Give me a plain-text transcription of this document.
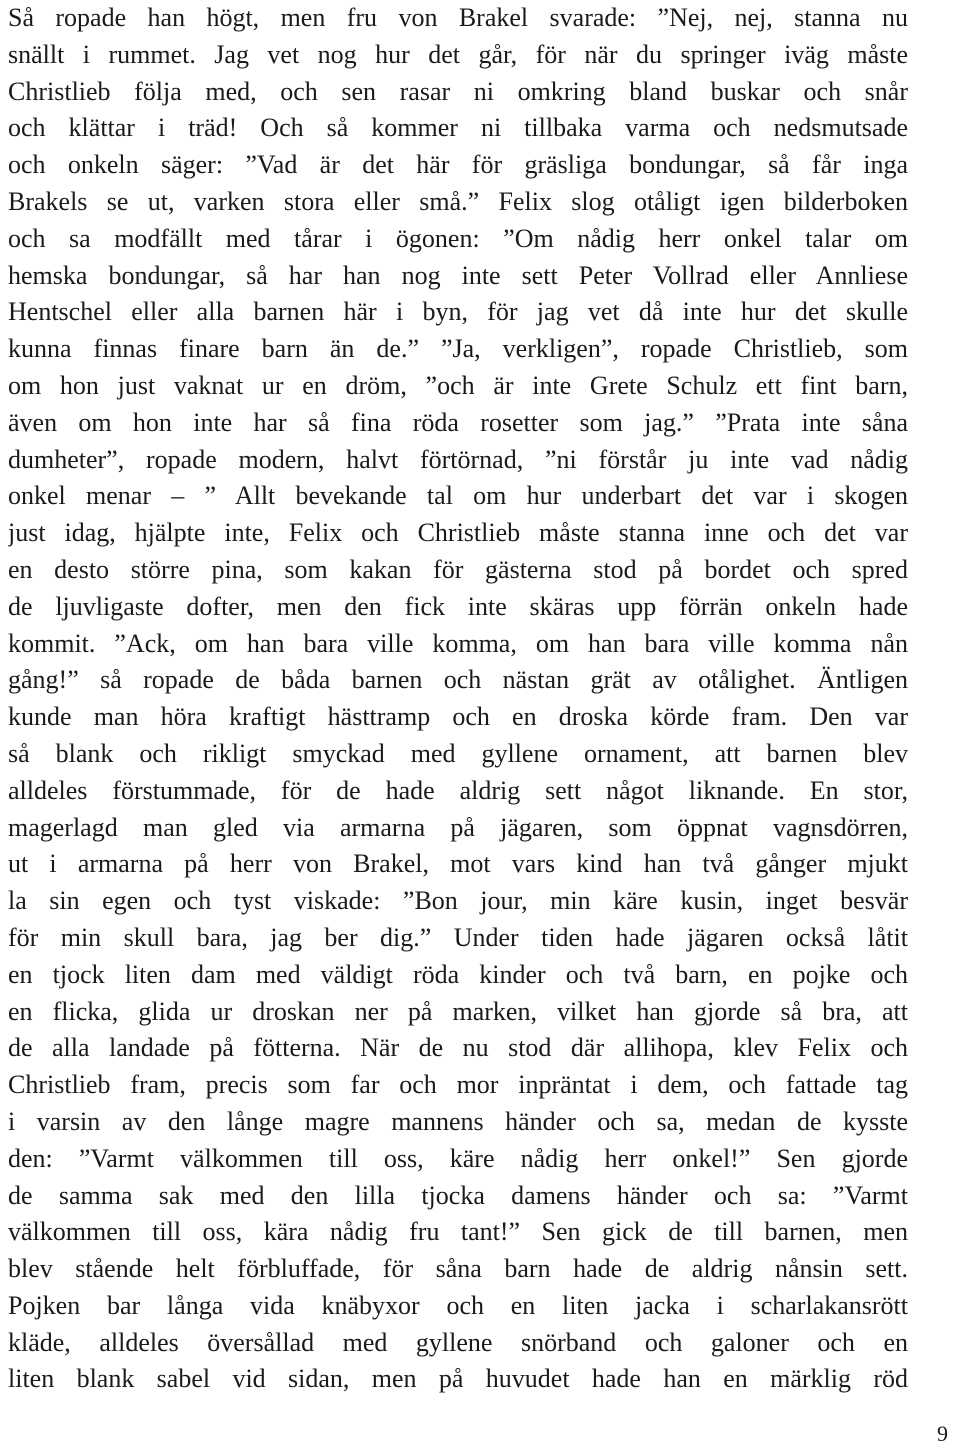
Så ropade han högt, men fru von Brakel svarade: ”Nej, nej, stanna nu
snällt i rummet. Jag vet nog hur det går, för när du springer iväg måste
Christlieb följa med, och sen rasar ni omkring bland buskar och snår
och klättar i träd! Och så kommer ni tillbaka varma och nedsmutsade
och onkeln säger: ”Vad är det här för gräsliga bondungar, så får inga
Brakels se ut, varken stora eller små.” Felix slog otåligt igen bilderboken
och sa modfällt med tårar i ögonen: ”Om nådig herr onkel talar om
hemska bondungar, så har han nog inte sett Peter Vollrad eller Annliese
Hentschel eller alla barnen här i byn, för jag vet då inte hur det skulle
kunna finnas finare barn än de.” ”Ja, verkligen”, ropade Christlieb, som
om hon just vaknat ur en dröm, ”och är inte Grete Schulz ett fint barn,
även om hon inte har så fina röda rosetter som jag.” ”Prata inte såna
dumheter”, ropade modern, halvt förtörnad, ”ni förstår ju inte vad nådig
onkel menar – ” Allt bevekande tal om hur underbart det var i skogen
just idag, hjälpte inte, Felix och Christlieb måste stanna inne och det var
en desto större pina, som kakan för gästerna stod på bordet och spred
de ljuvligaste dofter, men den fick inte skäras upp förrän onkeln hade
kommit. ”Ack, om han bara ville komma, om han bara ville komma nån
gång!” så ropade de båda barnen och nästan grät av otålighet. Äntligen
kunde man höra kraftigt hästtramp och en droska körde fram. Den var
så blank och rikligt smyckad med gyllene ornament, att barnen blev
alldeles förstummade, för de hade aldrig sett något liknande. En stor,
magerlagd man gled via armarna på jägaren, som öppnat vagnsdörren,
ut i armarna på herr von Brakel, mot vars kind han två gånger mjukt
la sin egen och tyst viskade: ”Bon jour, min käre kusin, inget besvär
för min skull bara, jag ber dig.” Under tiden hade jägaren också låtit
en tjock liten dam med väldigt röda kinder och två barn, en pojke och
en flicka, glida ur droskan ner på marken, vilket han gjorde så bra, att
de alla landade på fötterna. När de nu stod där allihopa, klev Felix och
Christlieb fram, precis som far och mor inpräntat i dem, och fattade tag
i varsin av den långe magre mannens händer och sa, medan de kysste
den: ”Varmt välkommen till oss, käre nådig herr onkel!” Sen gjorde
de samma sak med den lilla tjocka damens händer och sa: ”Varmt
välkommen till oss, kära nådig fru tant!” Sen gick de till barnen, men
blev stående helt förbluffade, för såna barn hade de aldrig nånsin sett.
Pojken bar långa vida knäbyxor och en liten jacka i scharlakansrött
kläde, alldeles översållad med gyllene snörband och galoner och en
liten blank sabel vid sidan, men på huvudet hade han en märklig röd
9
